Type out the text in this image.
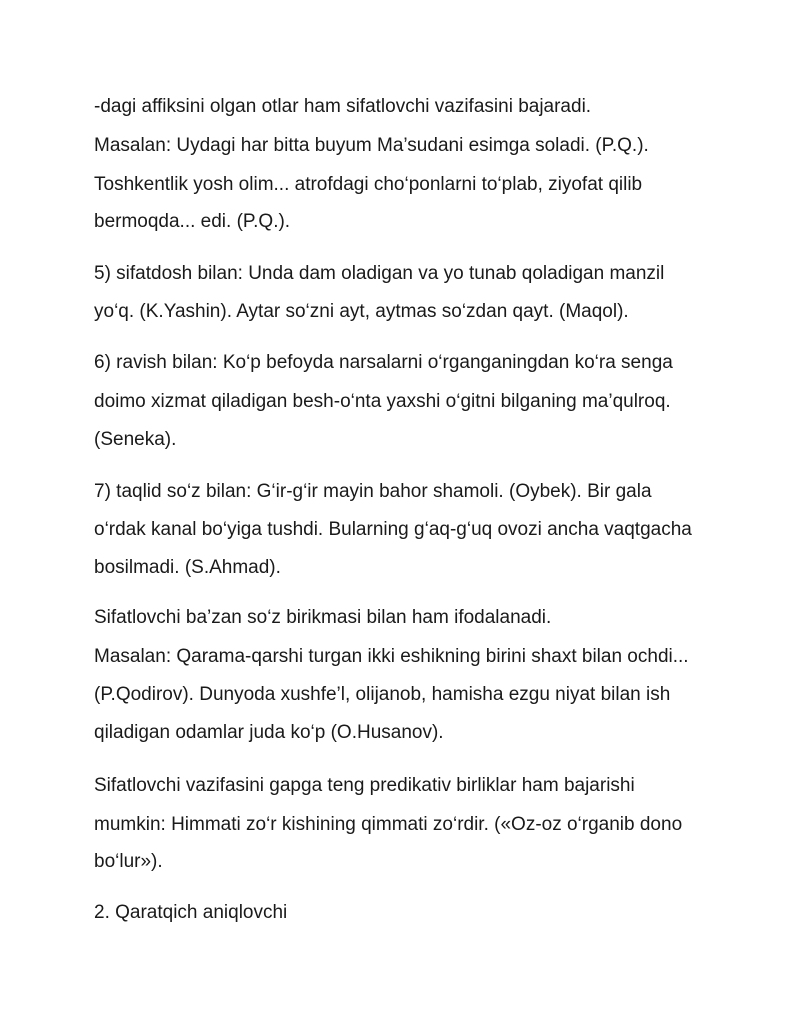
-dagi affiksini olgan otlar ham sifatlovchi vazifasini bajaradi.
Masalan: Uydagi har bitta buyum Ma’sudani esimga soladi. (P.Q.).
Toshkentlik yosh olim... atrofdagi cho‘ponlarni to‘plab, ziyofat qilib
bermoqda... edi. (P.Q.).
5) sifatdosh bilan: Unda dam oladigan va yo tunab qoladigan manzil
yo‘q. (K.Yashin). Aytar so‘zni ayt, aytmas so‘zdan qayt. (Maqol).
6) ravish bilan: Ko‘p befoyda narsalarni o‘rganganingdan ko‘ra senga
doimo xizmat qiladigan besh-o‘nta yaxshi o‘gitni bilganing ma’qulroq.
(Seneka).
7) taqlid so‘z bilan: G‘ir-g‘ir mayin bahor shamoli. (Oybek). Bir gala
o‘rdak kanal bo‘yiga tushdi. Bularning g‘aq-g‘uq ovozi ancha vaqtgacha
bosilmadi. (S.Ahmad).
Sifatlovchi ba’zan so‘z birikmasi bilan ham ifodalanadi.
Masalan: Qarama-qarshi turgan ikki eshikning birini shaxt bilan ochdi...
(P.Qodirov). Dunyoda xushfe’l, olijanob, hamisha ezgu niyat bilan ish
qiladigan odamlar juda ko‘p (O.Husanov).
Sifatlovchi vazifasini gapga teng predikativ birliklar ham bajarishi
mumkin: Himmati zo‘r kishining qimmati zo‘rdir. («Oz-oz o‘rganib dono
bo‘lur»).
2. Qaratqich aniqlovchi
